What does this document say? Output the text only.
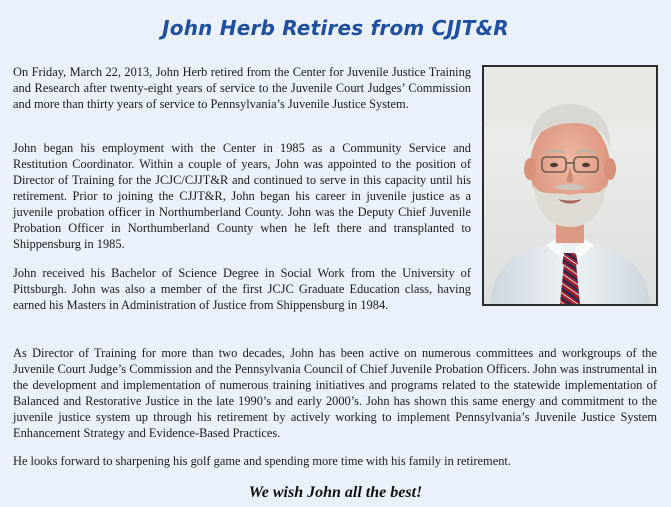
John Herb Retires from CJJT&R

On Friday, March 22, 2013, John Herb retired from the Center for Juvenile Justice Training and Research after twenty-eight years of service to the Juvenile Court Judges’ Commission and more than thirty years of service to Pennsylvania’s Juvenile Justice System.

John began his employment with the Center in 1985 as a Community Service and Restitution Coordinator. Within a couple of years, John was appointed to the position of Director of Training for the JCJC/CJJT&R and continued to serve in this capacity until his retirement. Prior to joining the CJJT&R, John began his career in juvenile justice as a juvenile probation officer in Northumberland County. John was the Deputy Chief Juvenile Probation Officer in Northumberland County when he left there and transplanted to Shippensburg in 1985.

John received his Bachelor of Science Degree in Social Work from the University of Pittsburgh. John was also a member of the first JCJC Graduate Education class, having earned his Masters in Administration of Justice from Shippensburg in 1984.

As Director of Training for more than two decades, John has been active on numerous committees and workgroups of the Juvenile Court Judge’s Commission and the Pennsylvania Council of Chief Juvenile Probation Officers. John was instrumental in the development and implementation of numerous training initiatives and programs related to the statewide implementation of Balanced and Restorative Justice in the late 1990’s and early 2000’s. John has shown this same energy and commitment to the juvenile justice system up through his retirement by actively working to implement Pennsylvania’s Juvenile Justice System Enhancement Strategy and Evidence-Based Practices.

He looks forward to sharpening his golf game and spending more time with his family in retirement.

We wish John all the best!
